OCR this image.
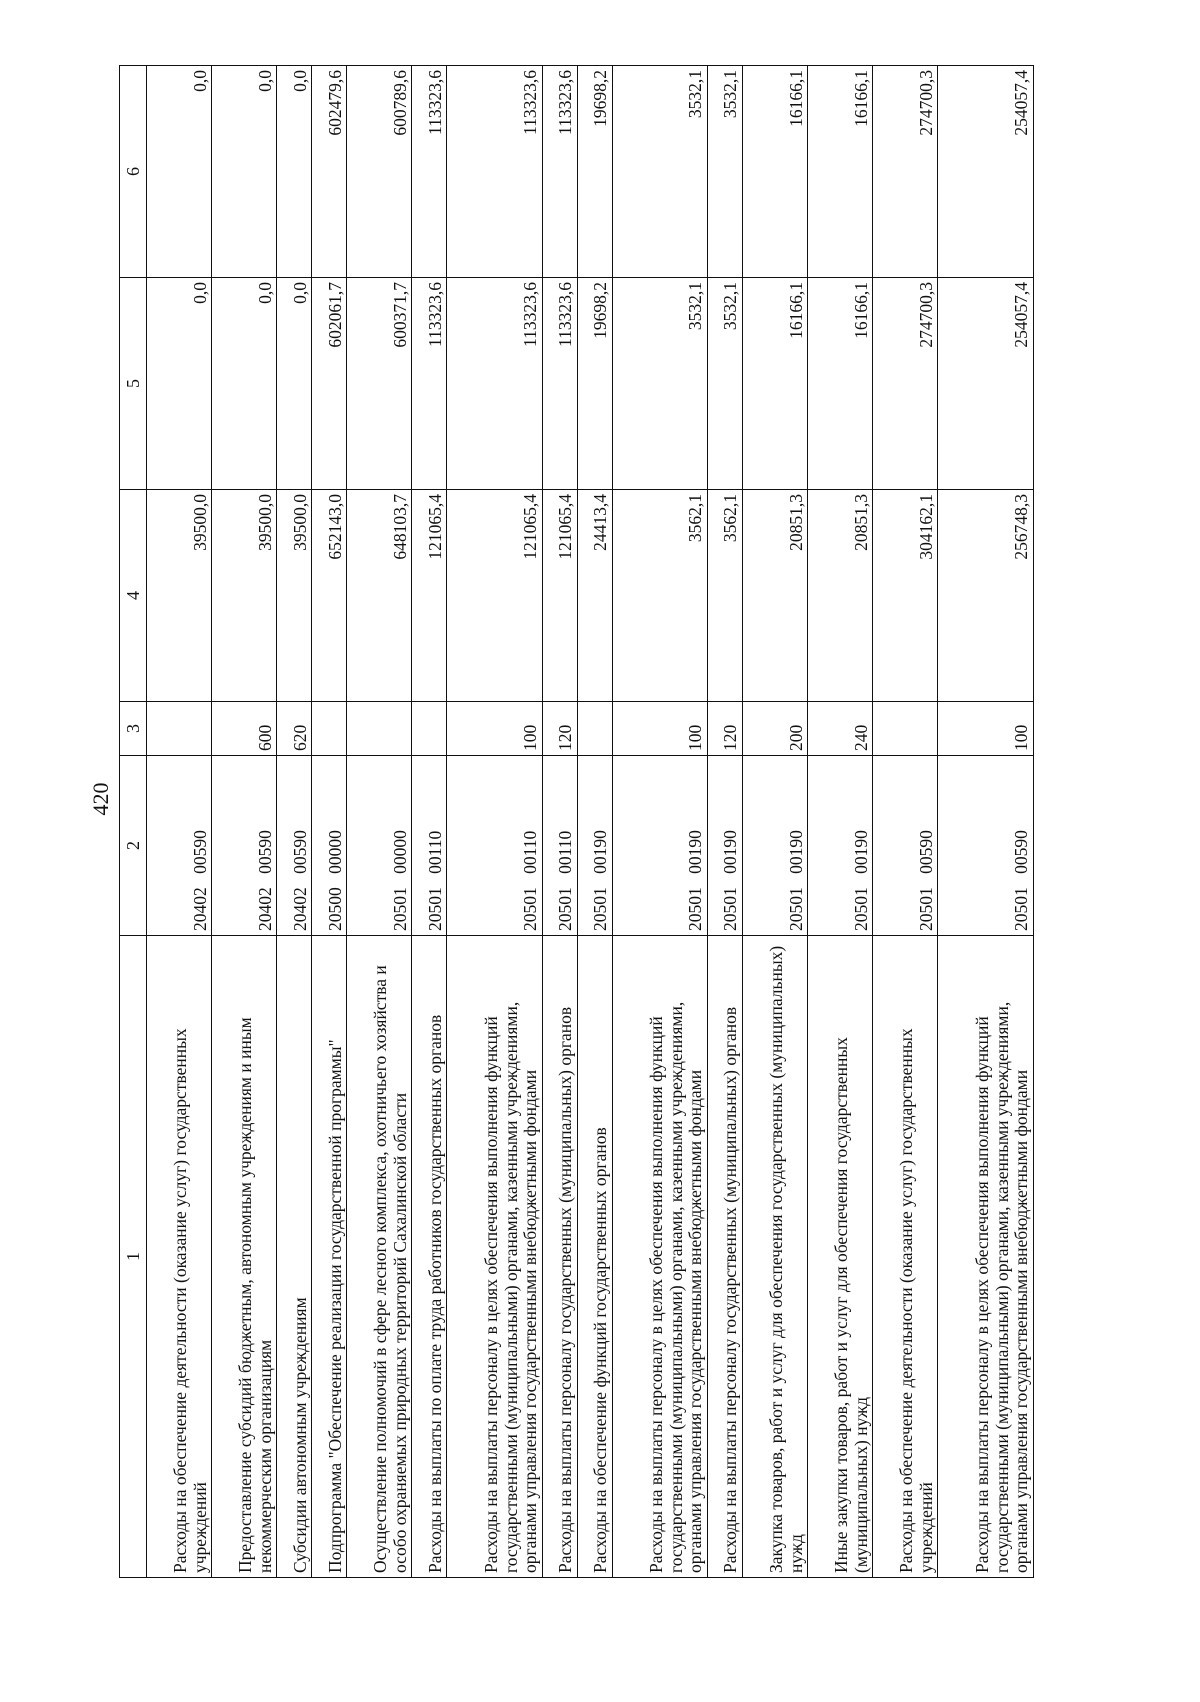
420
1	2	3	4	5	6
Расходы на обеспечение деятельности (оказание услуг) государственных учреждений	20402 00590		39500,0	0,0	0,0
Предоставление субсидий бюджетным, автономным учреждениям и иным некоммерческим организациям	20402 00590	600	39500,0	0,0	0,0
Субсидии автономным учреждениям	20402 00590	620	39500,0	0,0	0,0
Подпрограмма "Обеспечение реализации государственной программы"	20500 00000		652143,0	602061,7	602479,6
Осуществление полномочий в сфере лесного комплекса, охотничьего хозяйства и особо охраняемых природных территорий Сахалинской области	20501 00000		648103,7	600371,7	600789,6
Расходы на выплаты по оплате труда работников государственных органов	20501 00110		121065,4	113323,6	113323,6
Расходы на выплаты персоналу в целях обеспечения выполнения функций государственными (муниципальными) органами, казенными учреждениями, органами управления государственными внебюджетными фондами	20501 00110	100	121065,4	113323,6	113323,6
Расходы на выплаты персоналу государственных (муниципальных) органов	20501 00110	120	121065,4	113323,6	113323,6
Расходы на обеспечение функций государственных органов	20501 00190		24413,4	19698,2	19698,2
Расходы на выплаты персоналу в целях обеспечения выполнения функций государственными (муниципальными) органами, казенными учреждениями, органами управления государственными внебюджетными фондами	20501 00190	100	3562,1	3532,1	3532,1
Расходы на выплаты персоналу государственных (муниципальных) органов	20501 00190	120	3562,1	3532,1	3532,1
Закупка товаров, работ и услуг для обеспечения государственных (муниципальных) нужд	20501 00190	200	20851,3	16166,1	16166,1
Иные закупки товаров, работ и услуг для обеспечения государственных (муниципальных) нужд	20501 00190	240	20851,3	16166,1	16166,1
Расходы на обеспечение деятельности (оказание услуг) государственных учреждений	20501 00590		304162,1	274700,3	274700,3
Расходы на выплаты персоналу в целях обеспечения выполнения функций государственными (муниципальными) органами, казенными учреждениями, органами управления государственными внебюджетными фондами	20501 00590	100	256748,3	254057,4	254057,4
